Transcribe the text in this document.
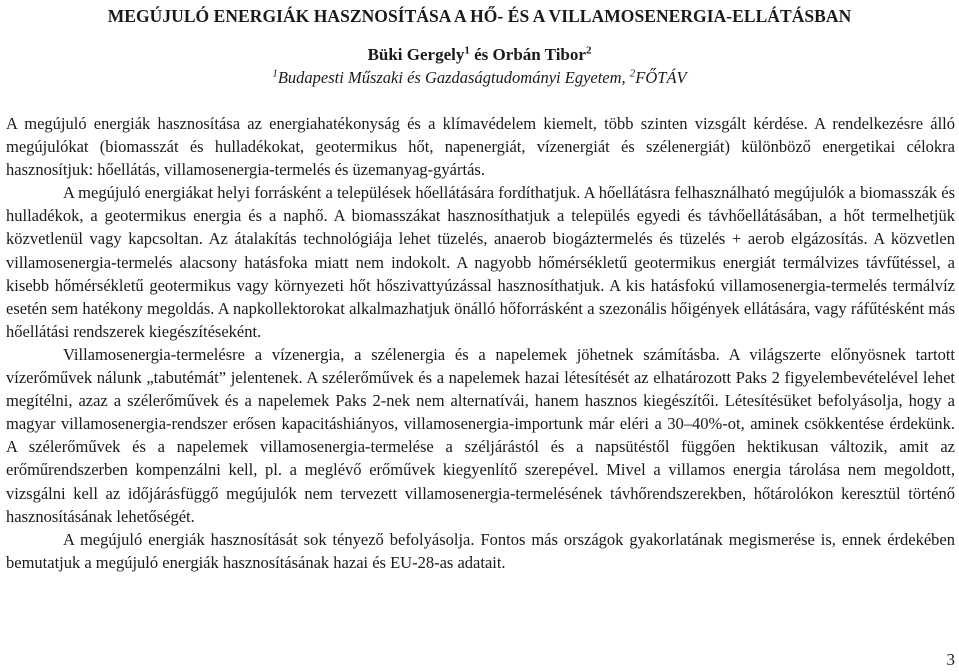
MEGÚJULÓ ENERGIÁK HASZNOSÍTÁSA A HŐ- ÉS A VILLAMOSENERGIA-ELLÁTÁSBAN
Büki Gergely$^1$ és Orbán Tibor$^2$
$^1$Budapesti Műszaki és Gazdaságtudományi Egyetem, $^2$FŐTÁV

A megújuló energiák hasznosítása az energiahatékonyság és a klímavédelem kiemelt, több szinten vizsgált kérdése. A rendelkezésre álló megújulókat (biomasszát és hulladékokat, geotermikus hőt, napenergiát, vízenergiát és szélenergiát) különböző energetikai célokra hasznosítjuk: hőellátás, villamosenergia-termelés és üzemanyag-gyártás.

A megújuló energiákat helyi forrásként a települések hőellátására fordíthatjuk. A hőellátásra felhasználható megújulók a biomasszák és hulladékok, a geotermikus energia és a naphő. A biomasszákat hasznosíthatjuk a település egyedi és távhőellátásában, a hőt termelhetjük közvetlenül vagy kapcsoltan. Az átalakítás technológiája lehet tüzelés, anaerob biogáztermelés és tüzelés + aerob elgázosítás. A közvetlen villamosenergia-termelés alacsony hatásfoka miatt nem indokolt. A nagyobb hőmérsékletű geotermikus energiát termálvizes távfűtéssel, a kisebb hőmérsékletű geotermikus vagy környezeti hőt hőszivattyúzással hasznosíthatjuk. A kis hatásfokú villamosenergia-termelés termálvíz esetén sem hatékony megoldás. A napkollektorokat alkalmazhatjuk önálló hőforrásként a szezonális hőigények ellátására, vagy ráfűtésként más hőellátási rendszerek kiegészítéseként.

Villamosenergia-termelésre a vízenergia, a szélenergia és a napelemek jöhetnek számításba. A világszerte előnyösnek tartott vízerőművek nálunk „tabutémát” jelentenek. A szélerőművek és a napelemek hazai létesítését az elhatározott Paks 2 figyelembevételével lehet megítélni, azaz a szélerőművek és a napelemek Paks 2-nek nem alternatívái, hanem hasznos kiegészítői. Létesítésüket befolyásolja, hogy a magyar villamosenergia-rendszer erősen kapacitáshiányos, villamosenergia-importunk már eléri a 30–40%-ot, aminek csökkentése érdekünk. A szélerőművek és a napelemek villamosenergia-termelése a széljárástól és a napsütéstől függően hektikusan változik, amit az erőműrendszerben kompenzálni kell, pl. a meglévő erőművek kiegyenlítő szerepével. Mivel a villamos energia tárolása nem megoldott, vizsgálni kell az időjárásfüggő megújulók nem tervezett villamosenergia-termelésének távhőrendszerekben, hőtárolókon keresztül történő hasznosításának lehetőségét.

A megújuló energiák hasznosítását sok tényező befolyásolja. Fontos más országok gyakorlatának megismerése is, ennek érdekében bemutatjuk a megújuló energiák hasznosításának hazai és EU-28-as adatait.

3
